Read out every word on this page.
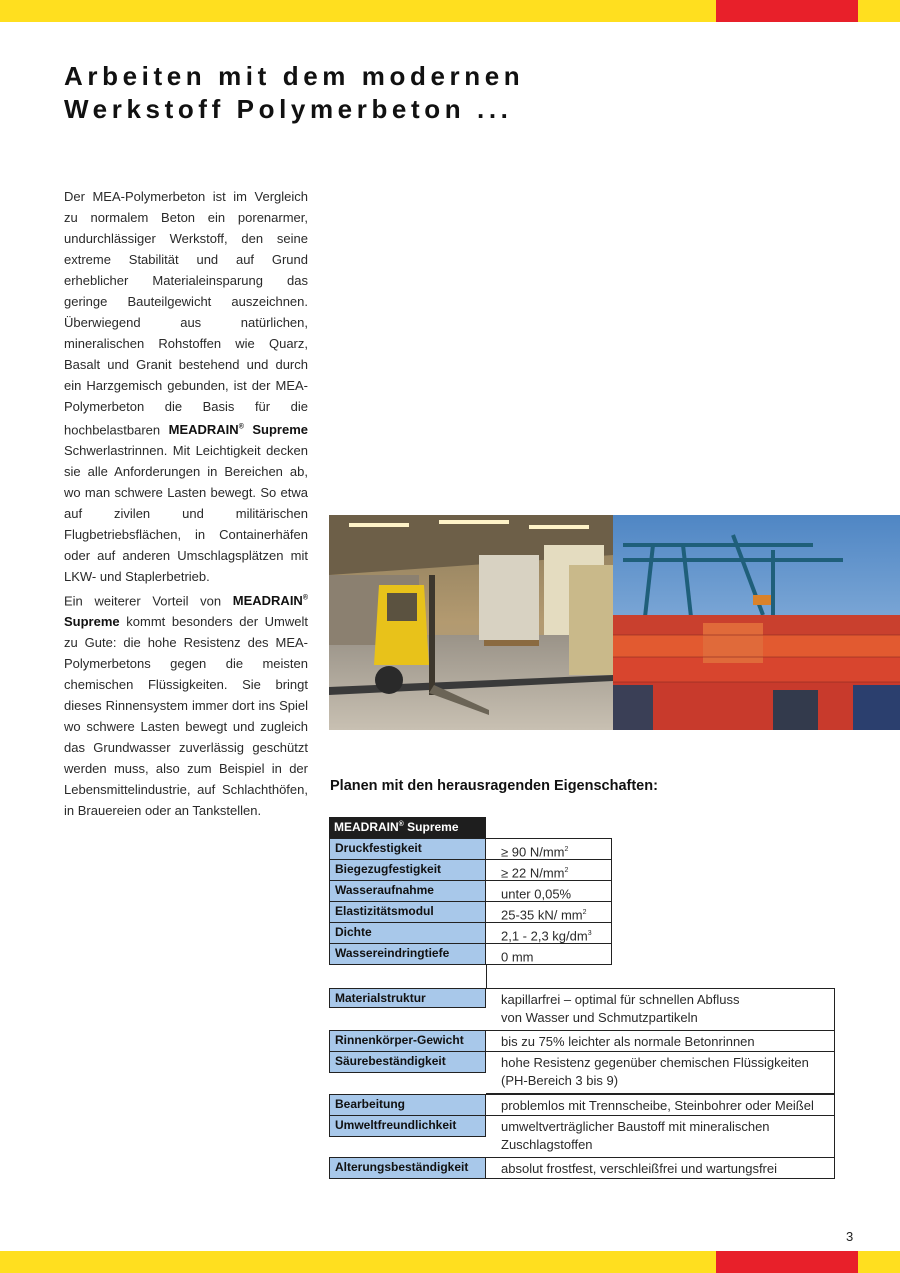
Arbeiten mit dem modernen
Werkstoff Polymerbeton ...

Der MEA-Polymerbeton ist im Vergleich zu normalem Beton ein porenarmer, undurchlässiger Werkstoff, den seine extreme Stabilität und auf Grund erheblicher Materialeinsparung das geringe Bauteilgewicht auszeichnen. Überwiegend aus natürlichen, mineralischen Rohstoffen wie Quarz, Basalt und Granit bestehend und durch ein Harzgemisch gebunden, ist der MEA-Polymerbeton die Basis für die hochbelastbaren MEADRAIN® Supreme Schwerlastrinnen. Mit Leichtigkeit decken sie alle Anforderungen in Bereichen ab, wo man schwere Lasten bewegt. So etwa auf zivilen und militärischen Flugbetriebsflächen, in Containerhäfen oder auf anderen Umschlagsplätzen mit LKW- und Staplerbetrieb.

Ein weiterer Vorteil von MEADRAIN® Supreme kommt besonders der Umwelt zu Gute: die hohe Resistenz des MEA-Polymerbetons gegen die meisten chemischen Flüssigkeiten. Sie bringt dieses Rinnensystem immer dort ins Spiel wo schwere Lasten bewegt und zugleich das Grundwasser zuverlässig geschützt werden muss, also zum Beispiel in der Lebensmittelindustrie, auf Schlachthöfen, in Brauereien oder an Tankstellen.

Planen mit den herausragenden Eigenschaften:
MEADRAIN® Supreme
Druckfestigkeit	≥ 90 $N/mm^2$
Biegezugfestigkeit	≥ 22 $N/mm^2$
Wasseraufnahme	unter 0,05%
Elastizitätsmodul	25-35 kN/ $mm^2$
Dichte	2,1 - 2,3 $kg/dm^3$
Wassereindringtiefe	0 mm
Materialstruktur	kapillarfrei – optimal für schnellen Abfluss
von Wasser und Schmutzpartikeln
Rinnenkörper-Gewicht	bis zu 75% leichter als normale Betonrinnen
Säurebeständigkeit	hohe Resistenz gegenüber chemischen Flüssigkeiten
(PH-Bereich 3 bis 9)
Bearbeitung	problemlos mit Trennscheibe, Steinbohrer oder Meißel
Umweltfreundlichkeit	umweltverträglicher Baustoff mit mineralischen
Zuschlagstoffen
Alterungsbeständigkeit	absolut frostfest, verschleißfrei und wartungsfrei
3
